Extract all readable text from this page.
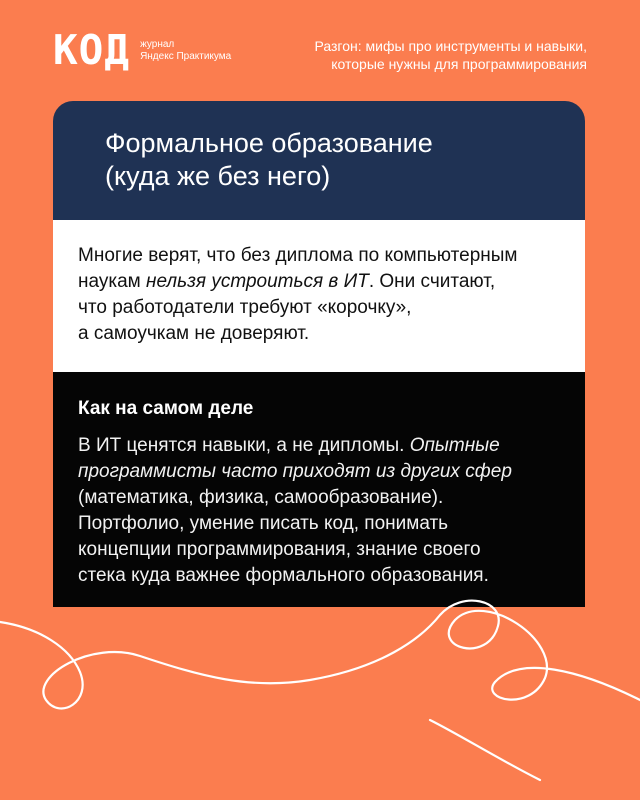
КОД журнал
Яндекс Практикума
Разгон: мифы про инструменты и навыки,
которые нужны для программирования
Формальное образование
(куда же без него)
Многие верят, что без диплома по компьютерным
наукам нельзя устроиться в ИТ. Они считают,
что работодатели требуют «корочку»,
а самоучкам не доверяют.
Как на самом деле
В ИТ ценятся навыки, а не дипломы. Опытные
программисты часто приходят из других сфер
(математика, физика, самообразование).
Портфолио, умение писать код, понимать
концепции программирования, знание своего
стека куда важнее формального образования.
